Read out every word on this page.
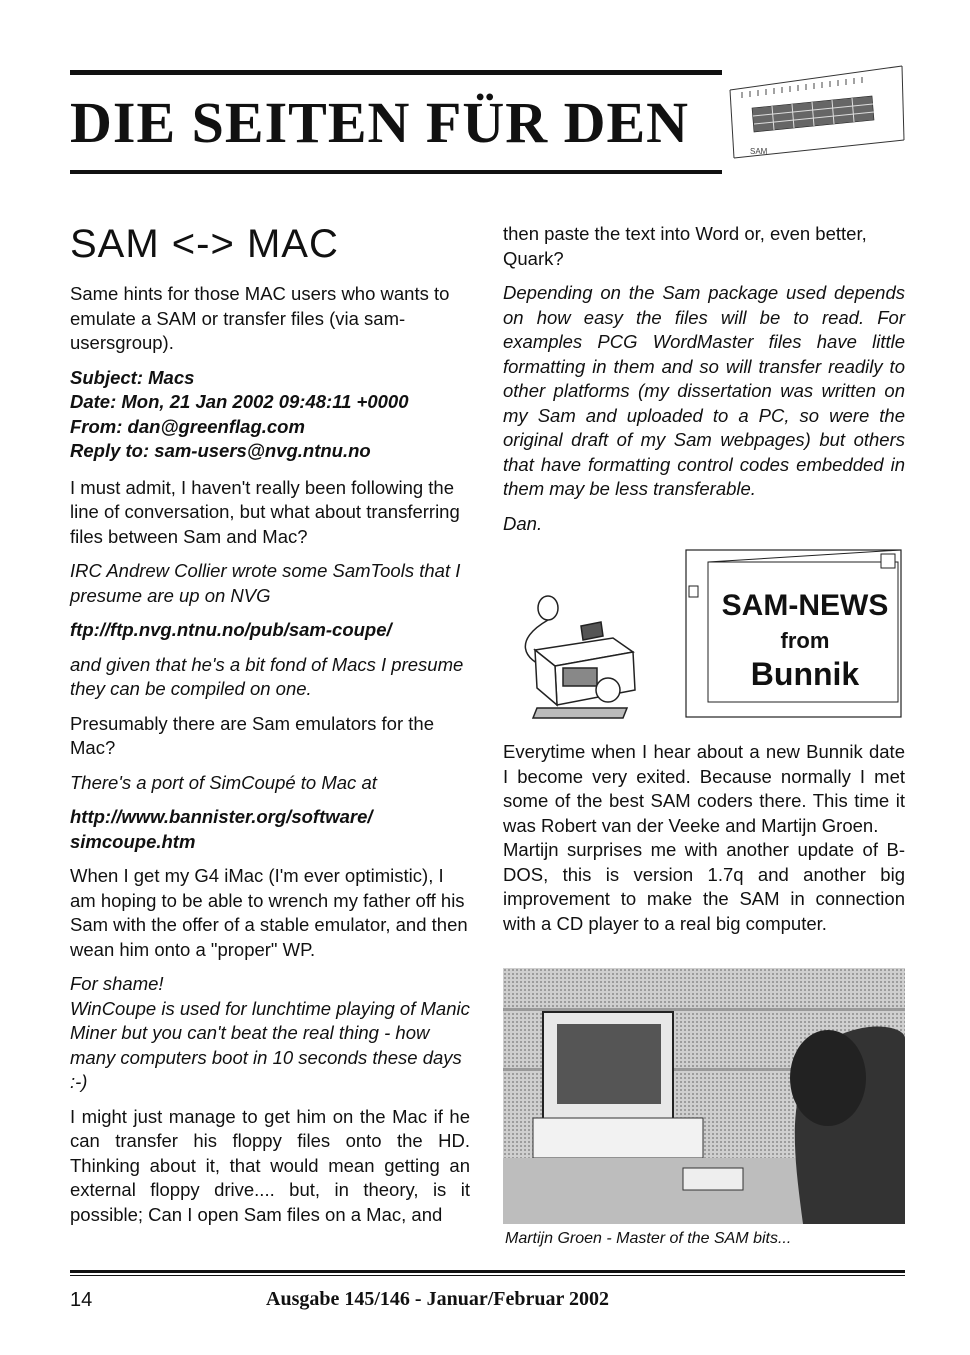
DIE SEITEN FÜR DEN	SAM
SAM <-> MAC

Same hints for those MAC users who wants to emulate a SAM or transfer files (via sam-usersgroup).

Subject: Macs
Date: Mon, 21 Jan 2002 09:48:11 +0000
From: dan@greenflag.com
Reply to: sam-users@nvg.ntnu.no

I must admit, I haven't really been following the line of conversation, but what about transferring files between Sam and Mac?

IRC Andrew Collier wrote some SamTools that I presume are up on NVG

ftp://ftp.nvg.ntnu.no/pub/sam-coupe/

and given that he's a bit fond of Macs I presume they can be compiled on one.

Presumably there are Sam emulators for the Mac?

There's a port of SimCoupé to Mac at

http://www.bannister.org/software/
simcoupe.htm

When I get my G4 iMac (I'm ever optimistic), I am hoping to be able to wrench my father off his Sam with the offer of a stable emulator, and then wean him onto a "proper" WP.

For shame!
WinCoupe is used for lunchtime playing of Manic Miner but you can't beat the real thing - how many computers boot in 10 seconds these days :-)

I might just manage to get him on the Mac if he can transfer his floppy files onto the HD. Thinking about it, that would mean getting an external floppy drive.... but, in theory, is it possible; Can I open Sam files on a Mac, and

then paste the text into Word or, even better, Quark?

Depending on the Sam package used depends on how easy the files will be to read. For examples PCG WordMaster files have little formatting in them and so will transfer readily to other platforms (my dissertation was written on my Sam and uploaded to a PC, so were the original draft of my Sam webpages) but others that have formatting control codes embedded in them may be less transferable.

Dan.

SAM-NEWS
from
Bunnik

Everytime when I hear about a new Bunnik date I become very exited. Because normally I met some of the best SAM coders there. This time it was Robert van der Veeke and Martijn Groen.

Martijn surprises me with another update of B-DOS, this is version 1.7q and another big improvement to make the SAM in connection with a CD player to a real big computer.

Martijn Groen - Master of the SAM bits...
14	Ausgabe 145/146 - Januar/Februar 2002
